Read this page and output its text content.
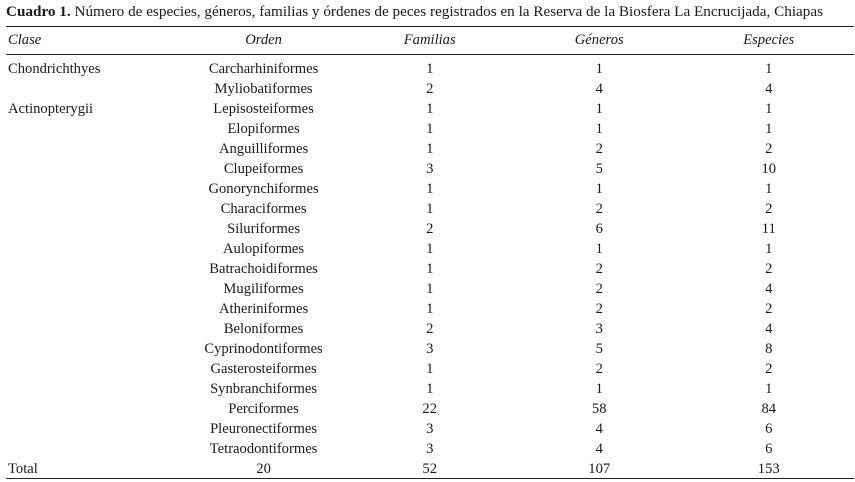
Cuadro 1. Número de especies, géneros, familias y órdenes de peces registrados en la Reserva de la Biosfera La Encrucijada, Chiapas
Clase	Orden	Familias	Géneros	Especies

Chondrichthyes	Carcharhiniformes	1	1	1
	Myliobatiformes	2	4	4
Actinopterygii	Lepisosteiformes	1	1	1
	Elopiformes	1	1	1
	Anguilliformes	1	2	2
	Clupeiformes	3	5	10
	Gonorynchiformes	1	1	1
	Characiformes	1	2	2
	Siluriformes	2	6	11
	Aulopiformes	1	1	1
	Batrachoidiformes	1	2	2
	Mugiliformes	1	2	4
	Atheriniformes	1	2	2
	Beloniformes	2	3	4
	Cyprinodontiformes	3	5	8
	Gasterosteiformes	1	2	2
	Synbranchiformes	1	1	1
	Perciformes	22	58	84
	Pleuronectiformes	3	4	6
	Tetraodontiformes	3	4	6
Total	20	52	107	153
